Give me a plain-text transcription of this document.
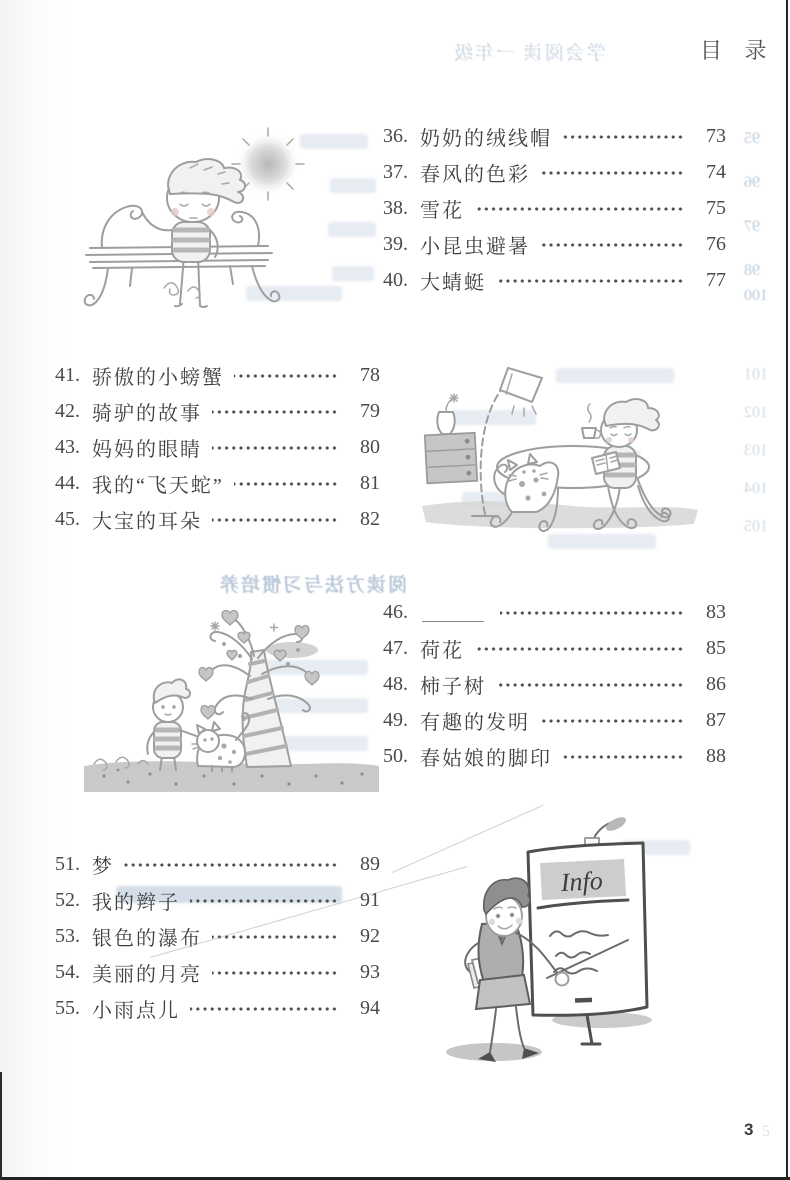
学会阅读 一年级
阅读方法与习惯培养
95
96
97
98
100
101
102
103
104
105
目 录
Info
36. 奶奶的绒线帽	73
37. 春风的色彩	74
38. 雪花	75
39. 小昆虫避暑	76
40. 大蜻蜓	77
41. 骄傲的小螃蟹	78
42. 骑驴的故事	79
43. 妈妈的眼睛	80
44. 我的“飞天蛇”	81
45. 大宝的耳朵	82
46.	83
47. 荷花	85
48. 柿子树	86
49. 有趣的发明	87
50. 春姑娘的脚印	88
51. 梦	89
52. 我的辫子	91
53. 银色的瀑布	92
54. 美丽的月亮	93
55. 小雨点儿	94
3 5
